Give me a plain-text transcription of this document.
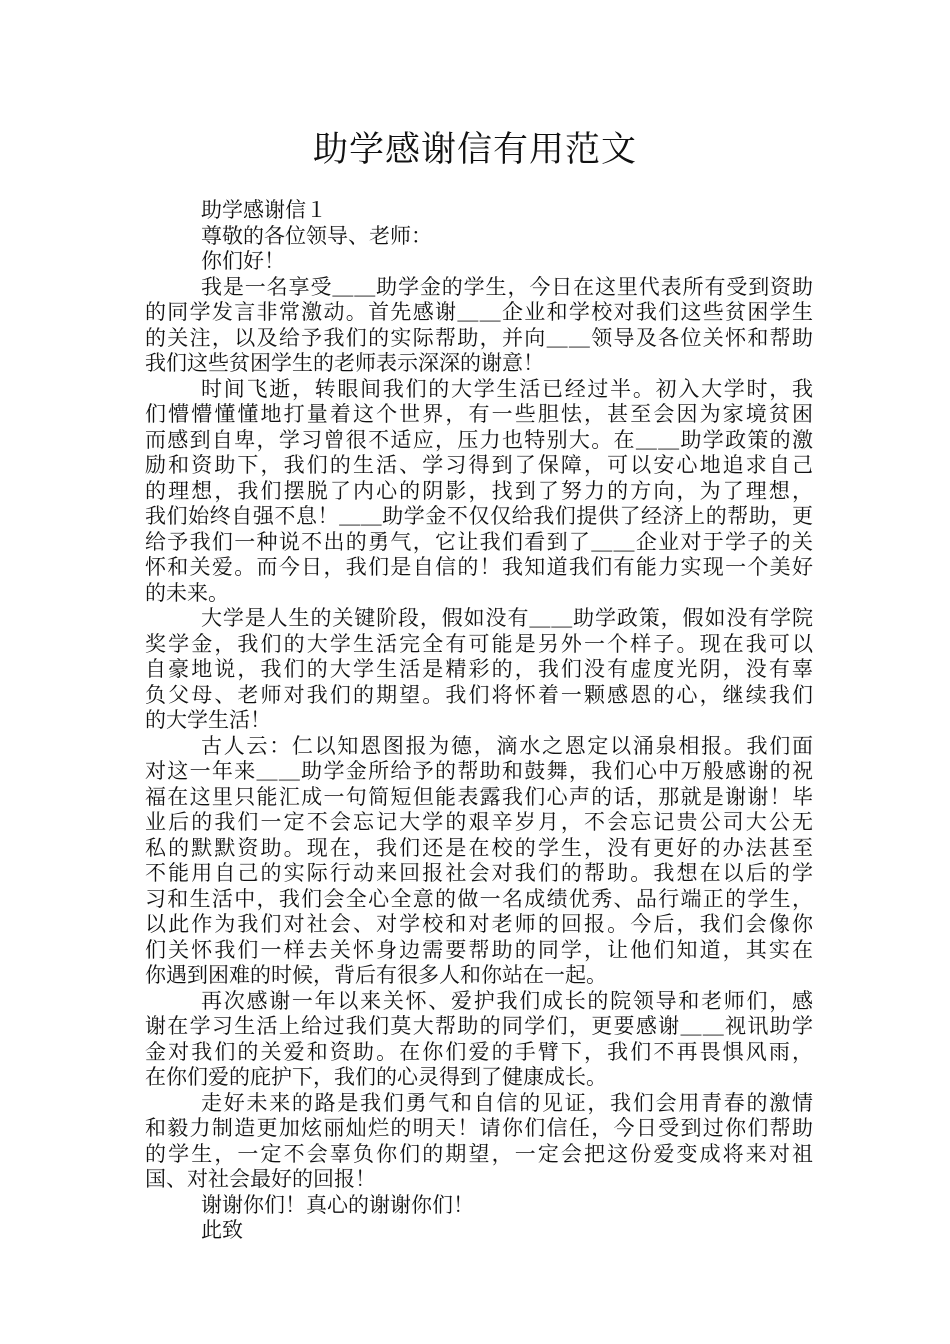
助学感谢信有用范文
助学感谢信１
尊敬的各位领导、老师：
你们好！
我是一名享受＿＿助学金的学生，今日在这里代表所有受到资助
的同学发言非常激动。首先感谢＿＿企业和学校对我们这些贫困学生
的关注，以及给予我们的实际帮助，并向＿＿领导及各位关怀和帮助
我们这些贫困学生的老师表示深深的谢意！
时间飞逝，转眼间我们的大学生活已经过半。初入大学时，我
们懵懵懂懂地打量着这个世界，有一些胆怯，甚至会因为家境贫困
而感到自卑，学习曾很不适应，压力也特别大。在＿＿助学政策的激
励和资助下，我们的生活、学习得到了保障，可以安心地追求自己
的理想，我们摆脱了内心的阴影，找到了努力的方向，为了理想，
我们始终自强不息！＿＿助学金不仅仅给我们提供了经济上的帮助，更
给予我们一种说不出的勇气，它让我们看到了＿＿企业对于学子的关
怀和关爱。而今日，我们是自信的！我知道我们有能力实现一个美好
的未来。
大学是人生的关键阶段，假如没有＿＿助学政策，假如没有学院
奖学金，我们的大学生活完全有可能是另外一个样子。现在我可以
自豪地说，我们的大学生活是精彩的，我们没有虚度光阴，没有辜
负父母、老师对我们的期望。我们将怀着一颗感恩的心，继续我们
的大学生活！
古人云：仁以知恩图报为德，滴水之恩定以涌泉相报。我们面
对这一年来＿＿助学金所给予的帮助和鼓舞，我们心中万般感谢的祝
福在这里只能汇成一句简短但能表露我们心声的话，那就是谢谢！毕
业后的我们一定不会忘记大学的艰辛岁月，不会忘记贵公司大公无
私的默默资助。现在，我们还是在校的学生，没有更好的办法甚至
不能用自己的实际行动来回报社会对我们的帮助。我想在以后的学
习和生活中，我们会全心全意的做一名成绩优秀、品行端正的学生，
以此作为我们对社会、对学校和对老师的回报。今后，我们会像你
们关怀我们一样去关怀身边需要帮助的同学，让他们知道，其实在
你遇到困难的时候，背后有很多人和你站在一起。
再次感谢一年以来关怀、爱护我们成长的院领导和老师们，感
谢在学习生活上给过我们莫大帮助的同学们，更要感谢＿＿视讯助学
金对我们的关爱和资助。在你们爱的手臂下，我们不再畏惧风雨，
在你们爱的庇护下，我们的心灵得到了健康成长。
走好未来的路是我们勇气和自信的见证，我们会用青春的激情
和毅力制造更加炫丽灿烂的明天！请你们信任，今日受到过你们帮助
的学生，一定不会辜负你们的期望，一定会把这份爱变成将来对祖
国、对社会最好的回报！
谢谢你们！真心的谢谢你们！
此致
